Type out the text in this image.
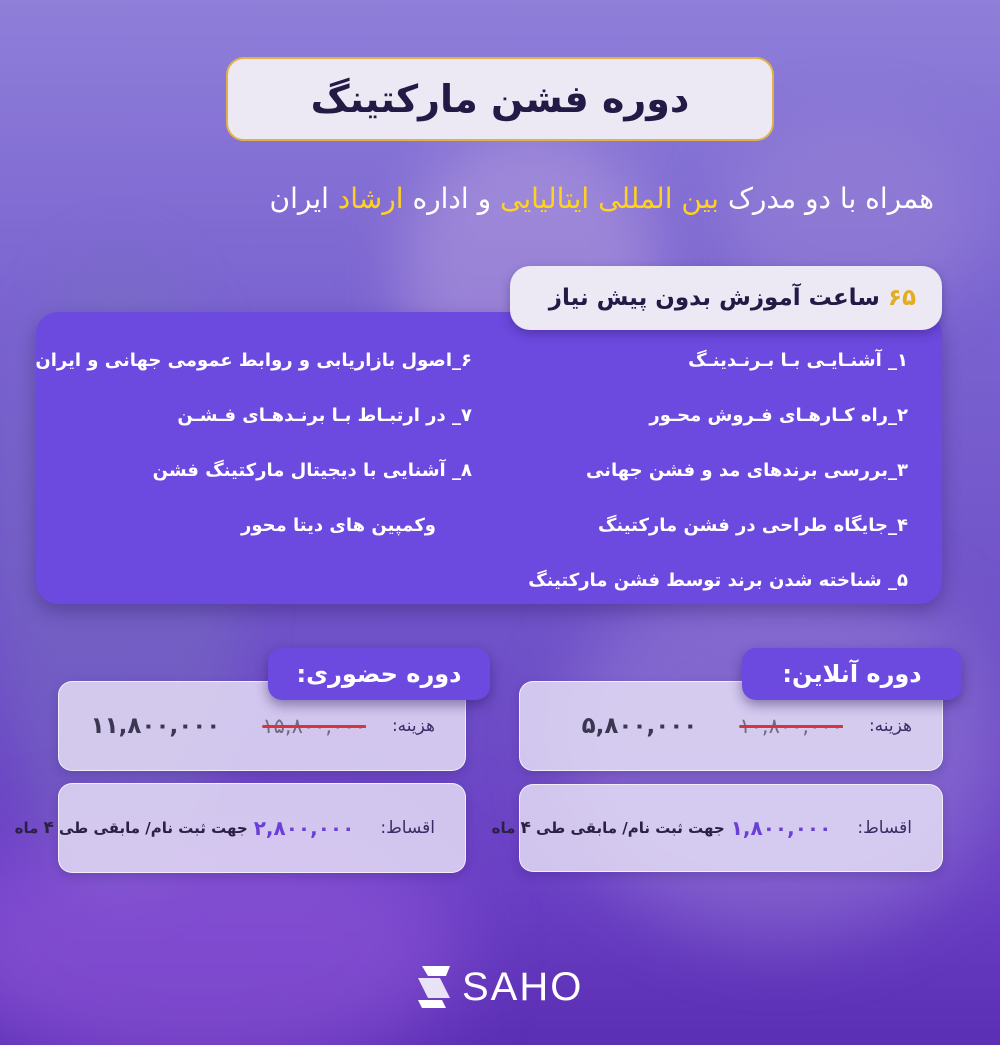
دوره فشن مارکتینگ
همراه با دو مدرک بین المللی ایتالیایی و اداره ارشاد ایران
۶۵
ساعت آموزش بدون پیش نیاز
۱_ آشنـایـی بـا بـرنـدینـگ
۲_راه کـارهـای فـروش محـور
۳_بررسی برندهای مد و فشن جهانی
۴_جایگاه طراحی در فشن مارکتینگ
۵_ شناخته شدن برند توسط فشن مارکتینگ
۶_اصول بازاریابی و روابط عمومی جهانی و ایران
۷_ در ارتبـاط بـا برنـدهـای فـشـن
۸_ آشنایی با دیجیتال مارکتینگ فشن
وکمپین های دیتا محور
دوره آنلاین:
هزینه:
۱۰,۸۰۰,۰۰۰
۵,۸۰۰,۰۰۰
اقساط:
۱,۸۰۰,۰۰۰
جهت ثبت نام/ مابقی طی

۴

ماه
دوره حضوری:
هزینه:
۱۵,۸۰۰,۰۰۰
۱۱,۸۰۰,۰۰۰
اقساط:
۲,۸۰۰,۰۰۰
جهت ثبت نام/ مابقی طی

۴

ماه
SAHO
